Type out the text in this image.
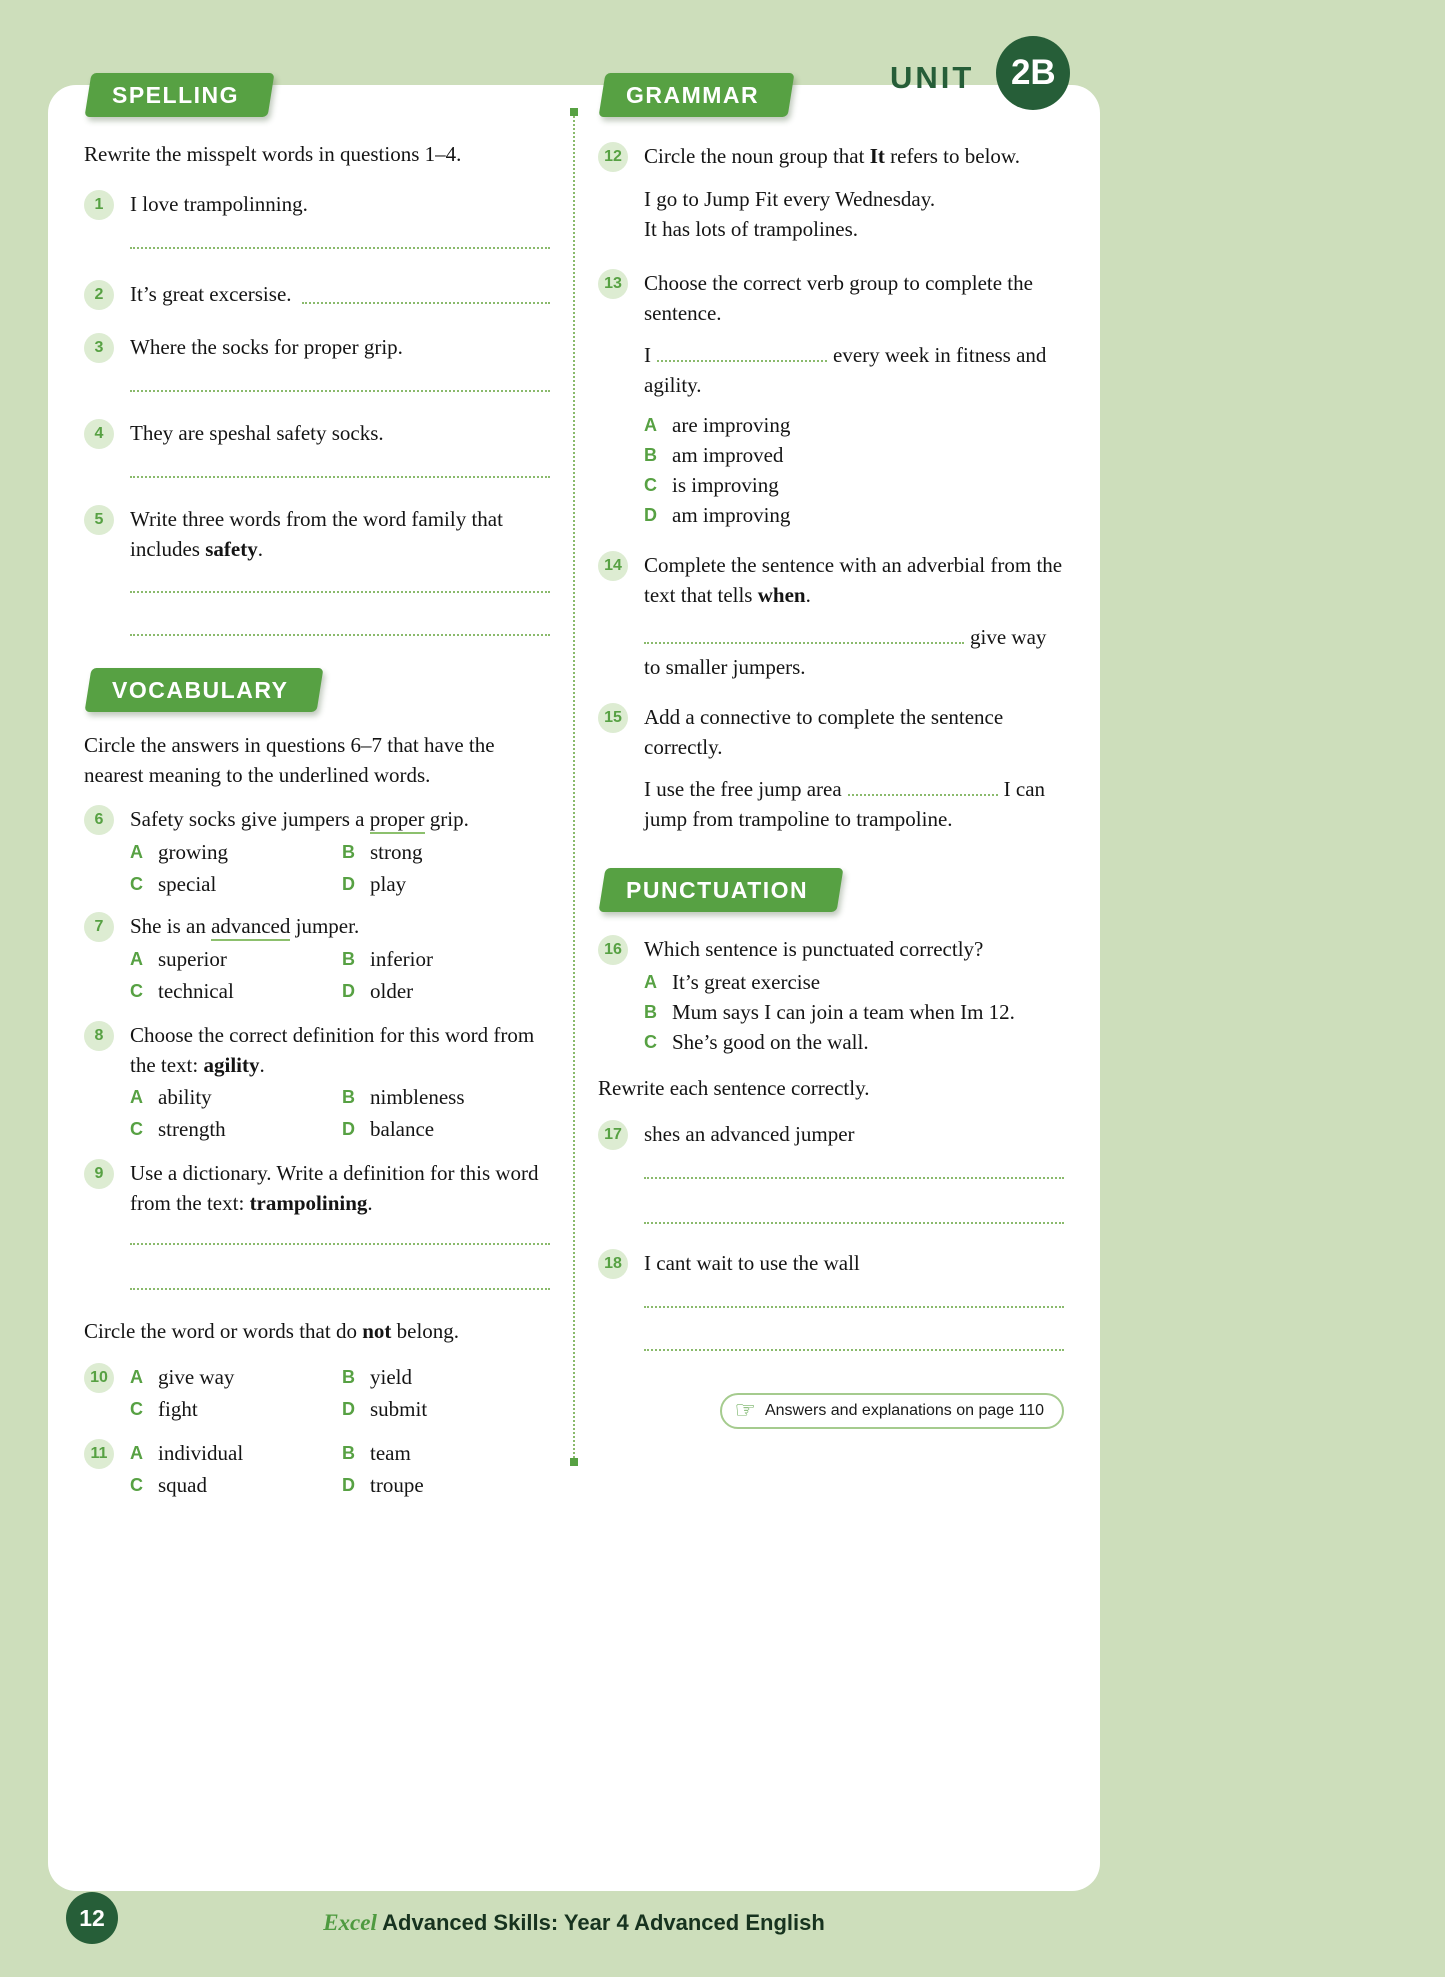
UNIT	2B
SPELLING

Rewrite the misspelt words in questions 1–4.

1	I love trampolinning.
2	It’s great excersise.
3	Where the socks for proper grip.
4	They are speshal safety socks.
5	Write three words from the word family that includes safety.
VOCABULARY

Circle the answers in questions 6–7 that have the nearest meaning to the underlined words.

6	Safety socks give jumpers a proper grip.
A growing	B strong
C special	D play
7	She is an advanced jumper.
A superior	B inferior
C technical	D older
8	Choose the correct definition for this word from the text: agility.
A ability	B nimbleness
C strength	D balance
9	Use a dictionary. Write a definition for this word from the text: trampolining.

Circle the word or words that do not belong.

10	A give way	B yield
C fight	D submit
11	A individual	B team
C squad	D troupe
GRAMMAR
12 Circle the noun group that It refers to below.

I go to Jump Fit every Wednesday.
It has lots of trampolines.

13 Choose the correct verb group to complete the sentence.

I	every week in fitness and agility.

A are improving
B am improved
C is improving
D am improving
14 Complete the sentence with an adverbial from the text that tells when.

give way to smaller jumpers.

15 Add a connective to complete the sentence correctly.

I use the free jump area	I can jump from trampoline to trampoline.

PUNCTUATION
16 Which sentence is punctuated correctly?
A It’s great exercise
B Mum says I can join a team when Im 12.
C She’s good on the wall.

Rewrite each sentence correctly.

17 shes an advanced jumper
18 I cant wait to use the wall
☞ Answers and explanations on page 110
12	Excel Advanced Skills: Year 4 Advanced English
